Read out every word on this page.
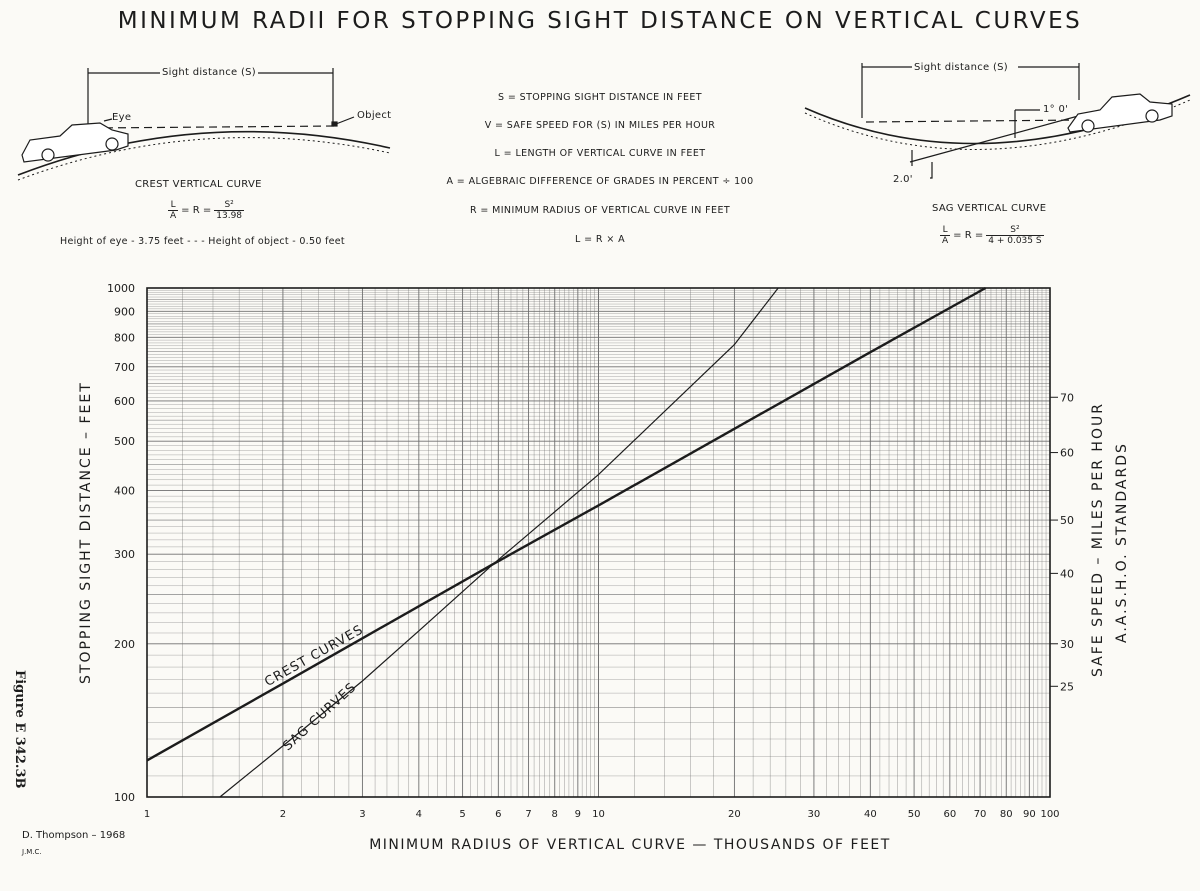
MINIMUM RADII FOR STOPPING SIGHT DISTANCE ON VERTICAL CURVES
Sight distance (S)
Eye	Object
CREST VERTICAL CURVE
$\frac{L}{A} = R = \frac{\text{S²}}{13.98}$
Height of eye - 3.75 feet - - - Height of object - 0.50 feet
Sight distance (S)
1° 0'
2.0'
SAG VERTICAL CURVE
$\frac{L}{A} = R = \frac{\text{S²}}{4 + 0.035 S}$
S = STOPPING SIGHT DISTANCE IN FEET
V = SAFE SPEED FOR (S) IN MILES PER HOUR
L = LENGTH OF VERTICAL CURVE IN FEET
A = ALGEBRAIC DIFFERENCE OF GRADES IN PERCENT ÷ 100
R = MINIMUM RADIUS OF VERTICAL CURVE IN FEET
L = R × A
1	2	3	4	5	6 7 8 9 10	20	30	40	50 60 70 80 90 100
100
200
300
400
500
600
700
800
900
1000
70
60
50
40
30
25
CREST CURVES
SAG CURVES
STOPPING SIGHT DISTANCE – FEET	SAFE SPEED – MILES PER HOUR A.A.S.H.O. STANDARDS
MINIMUM RADIUS OF VERTICAL CURVE — THOUSANDS OF FEET
Figure E 342.3B
D. Thompson – 1968
J.M.C.
